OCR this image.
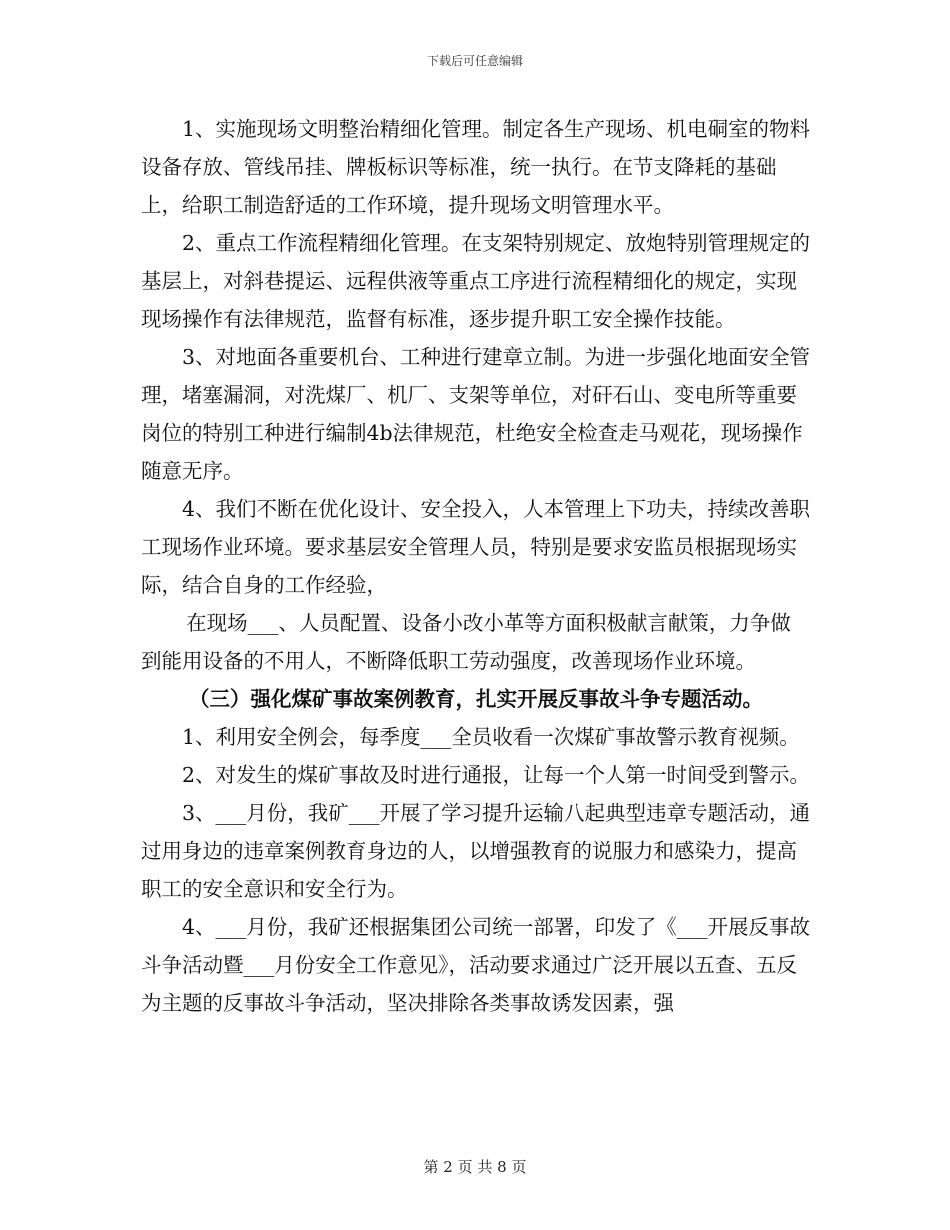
下载后可任意编辑

1、实施现场文明整治精细化管理。制定各生产现场、机电硐室的物料设备存放、管线吊挂、牌板标识等标准，统一执行。在节支降耗的基础上，给职工制造舒适的工作环境，提升现场文明管理水平。

2、重点工作流程精细化管理。在支架特别规定、放炮特别管理规定的基层上，对斜巷提运、远程供液等重点工序进行流程精细化的规定，实现现场操作有法律规范，监督有标准，逐步提升职工安全操作技能。

3、对地面各重要机台、工种进行建章立制。为进一步强化地面安全管理，堵塞漏洞，对洗煤厂、机厂、支架等单位，对矸石山、变电所等重要岗位的特别工种进行编制4b法律规范，杜绝安全检查走马观花，现场操作随意无序。

4、我们不断在优化设计、安全投入，人本管理上下功夫，持续改善职工现场作业环境。要求基层安全管理人员，特别是要求安监员根据现场实际，结合自身的工作经验，

在现场___、人员配置、设备小改小革等方面积极献言献策，力争做到能用设备的不用人，不断降低职工劳动强度，改善现场作业环境。

（三）强化煤矿事故案例教育，扎实开展反事故斗争专题活动。

1、利用安全例会，每季度___全员收看一次煤矿事故警示教育视频。

2、对发生的煤矿事故及时进行通报，让每一个人第一时间受到警示。

3、___月份，我矿___开展了学习提升运输八起典型违章专题活动，通过用身边的违章案例教育身边的人，以增强教育的说服力和感染力，提高职工的安全意识和安全行为。

4、___月份，我矿还根据集团公司统一部署，印发了《___开展反事故斗争活动暨___月份安全工作意见》，活动要求通过广泛开展以五查、五反为主题的反事故斗争活动，坚决排除各类事故诱发因素，强

第 2 页 共 8 页
